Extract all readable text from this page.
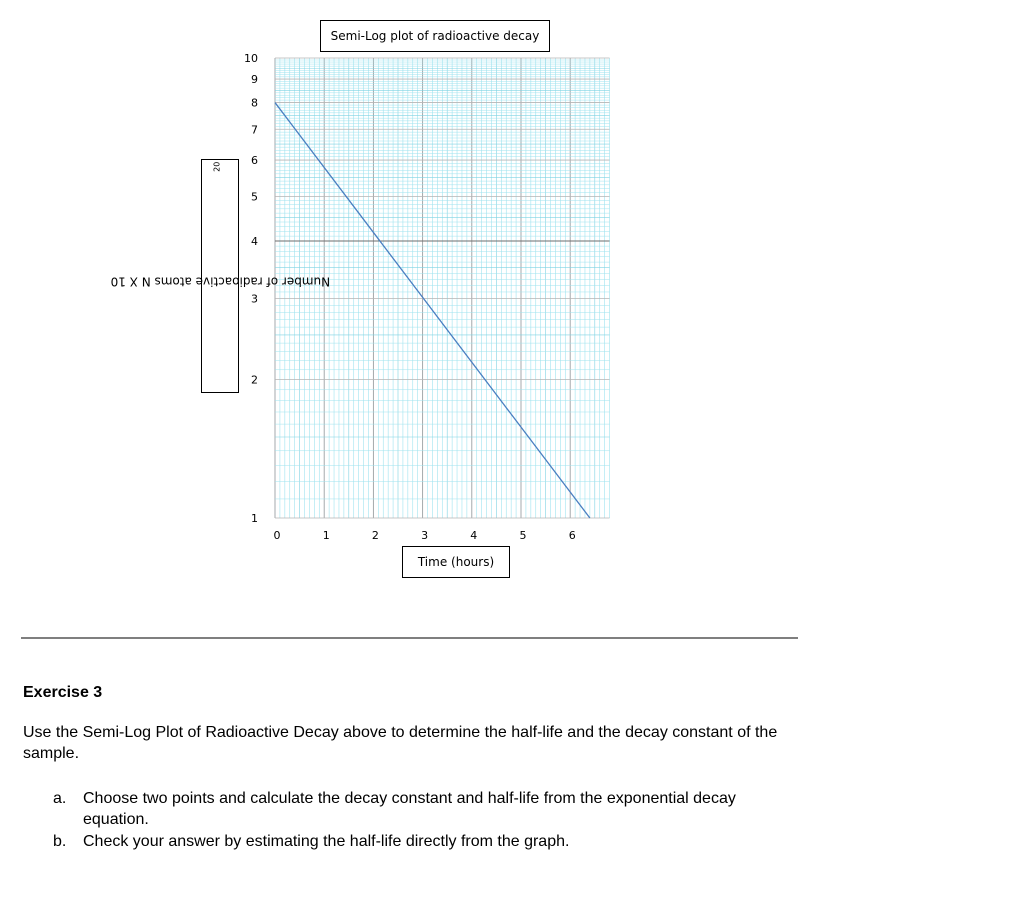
1
2
3
4
5
6
7
8
9
10
0	1	2	3	4	5	6
Semi-Log plot of radioactive decay
Time (hours)
Number of radioactive atoms N X $10^{20}$
Exercise 3
Use the Semi-Log Plot of Radioactive Decay above to determine the half-life and the decay constant of the sample.
a. Choose two points and calculate the decay constant and half-life from the exponential decay equation.
b. Check your answer by estimating the half-life directly from the graph.
